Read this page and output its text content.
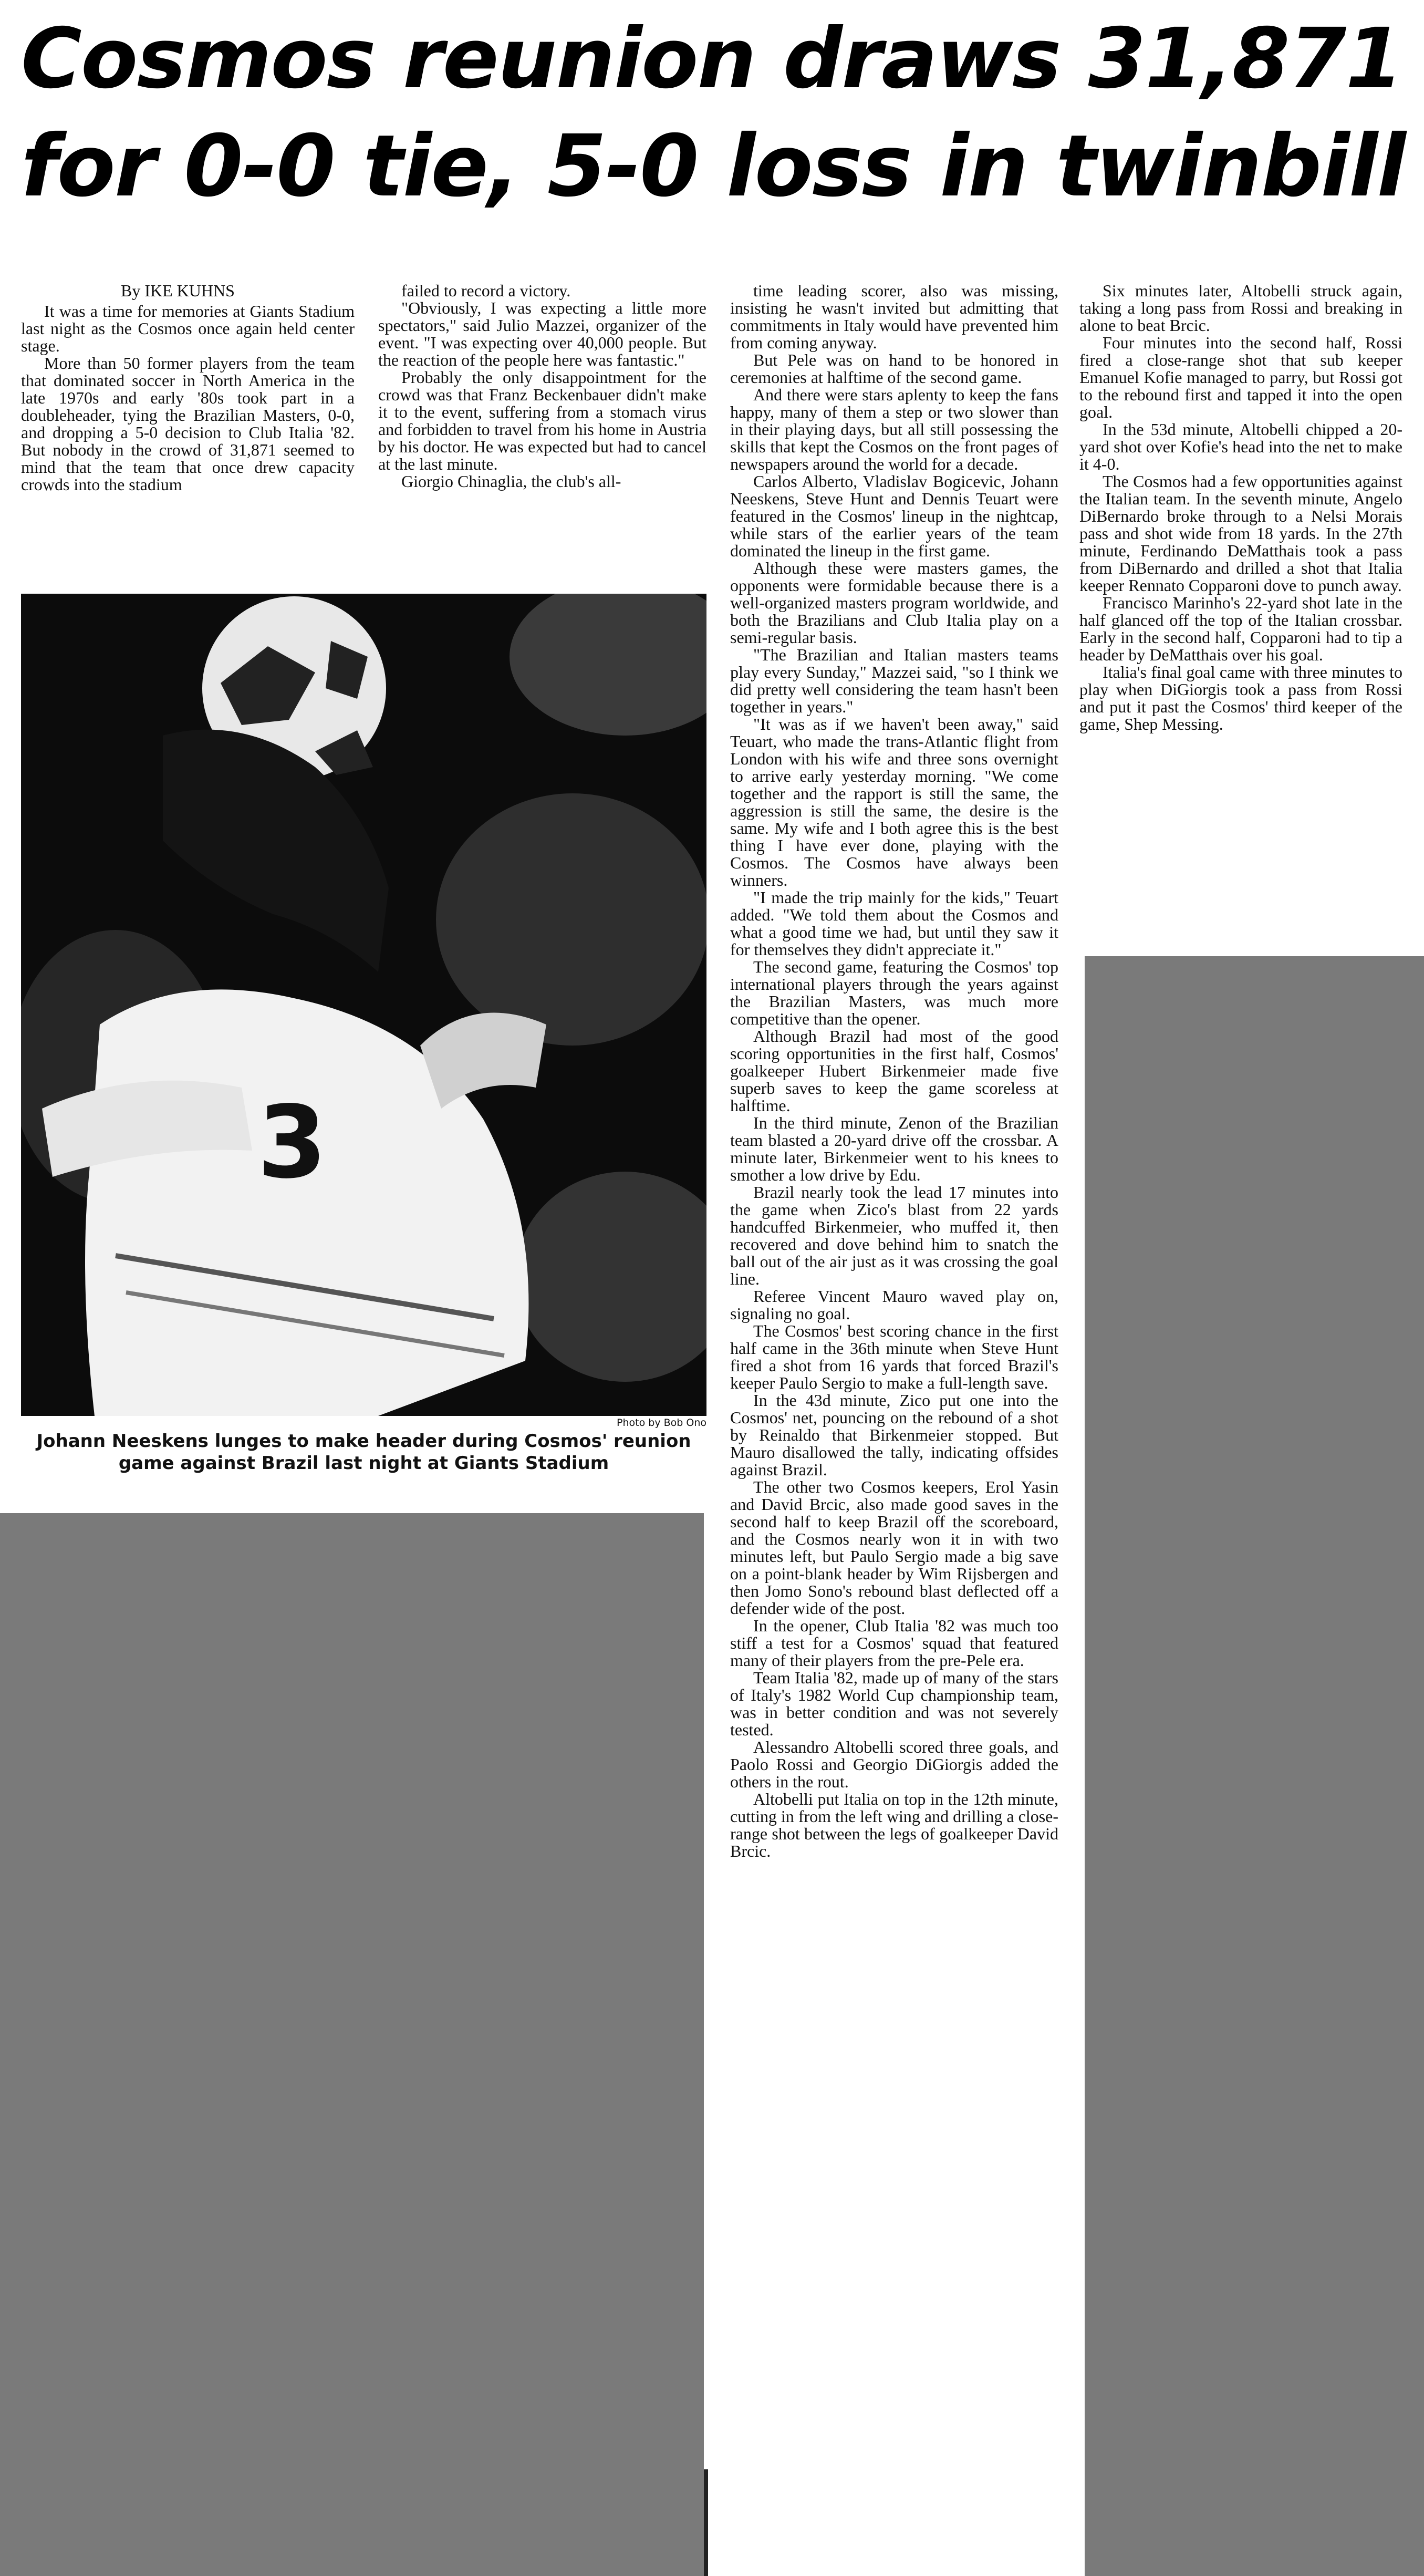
Cosmos reunion draws 31,871
for 0-0 tie, 5-0 loss in twinbill

By IKE KUHNS

It was a time for memories at Giants Stadium last night as the Cosmos once again held center stage.

More than 50 former players from the team that dominated soccer in North America in the late 1970s and early '80s took part in a doubleheader, tying the Brazilian Masters, 0-0, and dropping a 5-0 decision to Club Italia '82. But nobody in the crowd of 31,871 seemed to mind that the team that once drew capacity crowds into the stadium

failed to record a victory.

"Obviously, I was expecting a little more spectators," said Julio Mazzei, organizer of the event. "I was expecting over 40,000 people. But the reaction of the people here was fantastic."

Probably the only disappointment for the crowd was that Franz Beckenbauer didn't make it to the event, suffering from a stomach virus and forbidden to travel from his home in Austria by his doctor. He was expected but had to cancel at the last minute.

Giorgio Chinaglia, the club's all-

3
Photo by Bob Ono
Johann Neeskens lunges to make header during Cosmos' reunion game against Brazil last night at Giants Stadium

time leading scorer, also was missing, insisting he wasn't invited but admitting that commitments in Italy would have prevented him from coming anyway.

But Pele was on hand to be honored in ceremonies at halftime of the second game.

And there were stars aplenty to keep the fans happy, many of them a step or two slower than in their playing days, but all still possessing the skills that kept the Cosmos on the front pages of newspapers around the world for a decade.

Carlos Alberto, Vladislav Bogicevic, Johann Neeskens, Steve Hunt and Dennis Teuart were featured in the Cosmos' lineup in the nightcap, while stars of the earlier years of the team dominated the lineup in the first game.

Although these were masters games, the opponents were formidable because there is a well-organized masters program worldwide, and both the Brazilians and Club Italia play on a semi-regular basis.

"The Brazilian and Italian masters teams play every Sunday," Mazzei said, "so I think we did pretty well considering the team hasn't been together in years."

"It was as if we haven't been away," said Teuart, who made the trans-Atlantic flight from London with his wife and three sons overnight to arrive early yesterday morning. "We come together and the rapport is still the same, the aggression is still the same, the desire is the same. My wife and I both agree this is the best thing I have ever done, playing with the Cosmos. The Cosmos have always been winners.

"I made the trip mainly for the kids," Teuart added. "We told them about the Cosmos and what a good time we had, but until they saw it for themselves they didn't appreciate it."

The second game, featuring the Cosmos' top international players through the years against the Brazilian Masters, was much more competitive than the opener.

Although Brazil had most of the good scoring opportunities in the first half, Cosmos' goalkeeper Hubert Birkenmeier made five superb saves to keep the game scoreless at halftime.

In the third minute, Zenon of the Brazilian team blasted a 20-yard drive off the crossbar. A minute later, Birkenmeier went to his knees to smother a low drive by Edu.

Brazil nearly took the lead 17 minutes into the game when Zico's blast from 22 yards handcuffed Birkenmeier, who muffed it, then recovered and dove behind him to snatch the ball out of the air just as it was crossing the goal line.

Referee Vincent Mauro waved play on, signaling no goal.

The Cosmos' best scoring chance in the first half came in the 36th minute when Steve Hunt fired a shot from 16 yards that forced Brazil's keeper Paulo Sergio to make a full-length save.

In the 43d minute, Zico put one into the Cosmos' net, pouncing on the rebound of a shot by Reinaldo that Birkenmeier stopped. But Mauro disallowed the tally, indicating offsides against Brazil.

The other two Cosmos keepers, Erol Yasin and David Brcic, also made good saves in the second half to keep Brazil off the scoreboard, and the Cosmos nearly won it in with two minutes left, but Paulo Sergio made a big save on a point-blank header by Wim Rijsbergen and then Jomo Sono's rebound blast deflected off a defender wide of the post.

In the opener, Club Italia '82 was much too stiff a test for a Cosmos' squad that featured many of their players from the pre-Pele era.

Team Italia '82, made up of many of the stars of Italy's 1982 World Cup championship team, was in better condition and was not severely tested.

Alessandro Altobelli scored three goals, and Paolo Rossi and Georgio DiGiorgis added the others in the rout.

Altobelli put Italia on top in the 12th minute, cutting in from the left wing and drilling a close-range shot between the legs of goalkeeper David Brcic.

Six minutes later, Altobelli struck again, taking a long pass from Rossi and breaking in alone to beat Brcic.

Four minutes into the second half, Rossi fired a close-range shot that sub keeper Emanuel Kofie managed to parry, but Rossi got to the rebound first and tapped it into the open goal.

In the 53d minute, Altobelli chipped a 20-yard shot over Kofie's head into the net to make it 4-0.

The Cosmos had a few opportunities against the Italian team. In the seventh minute, Angelo DiBernardo broke through to a Nelsi Morais pass and shot wide from 18 yards. In the 27th minute, Ferdinando DeMatthais took a pass from DiBernardo and drilled a shot that Italia keeper Rennato Copparoni dove to punch away.

Francisco Marinho's 22-yard shot late in the half glanced off the top of the Italian crossbar. Early in the second half, Copparoni had to tip a header by DeMatthais over his goal.

Italia's final goal came with three minutes to play when DiGiorgis took a pass from Rossi and put it past the Cosmos' third keeper of the game, Shep Messing.
